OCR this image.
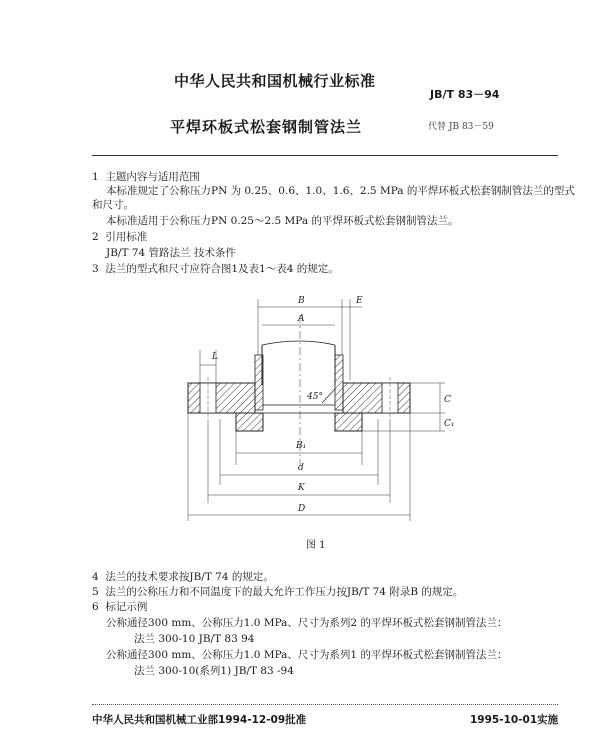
中华人民共和国机械行业标准
JB/T 83－94
平焊环板式松套钢制管法兰	代替 JB 83－59
1 主题内容与适用范围
本标准规定了公称压力PN 为 0.25、0.6、1.0、1.6、2.5 MPa 的平焊环板式松套钢制管法兰的型式
和尺寸。
本标准适用于公称压力PN 0.25～2.5 MPa 的平焊环板式松套钢制管法兰。
2 引用标准
JB/T 74 管路法兰 技术条件
3 法兰的型式和尺寸应符合图1及表1～表4 的规定。
45°
B	E
A
L
C
C₁
B₁
d
K
D
图 1
4 法兰的技术要求按JB/T 74 的规定。
5 法兰的公称压力和不同温度下的最大允许工作压力按JB/T 74 附录B 的规定。
6 标记示例
公称通径300 mm、公称压力1.0 MPa、尺寸为系列2 的平焊环板式松套钢制管法兰：
法兰 300-10 JB/T 83 94
公称通径300 mm、公称压力1.0 MPa、尺寸为系列1 的平焊环板式松套钢制管法兰：
法兰 300-10(系列1) JB/T 83 -94
中华人民共和国机械工业部1994-12-09批准	1995-10-01实施
